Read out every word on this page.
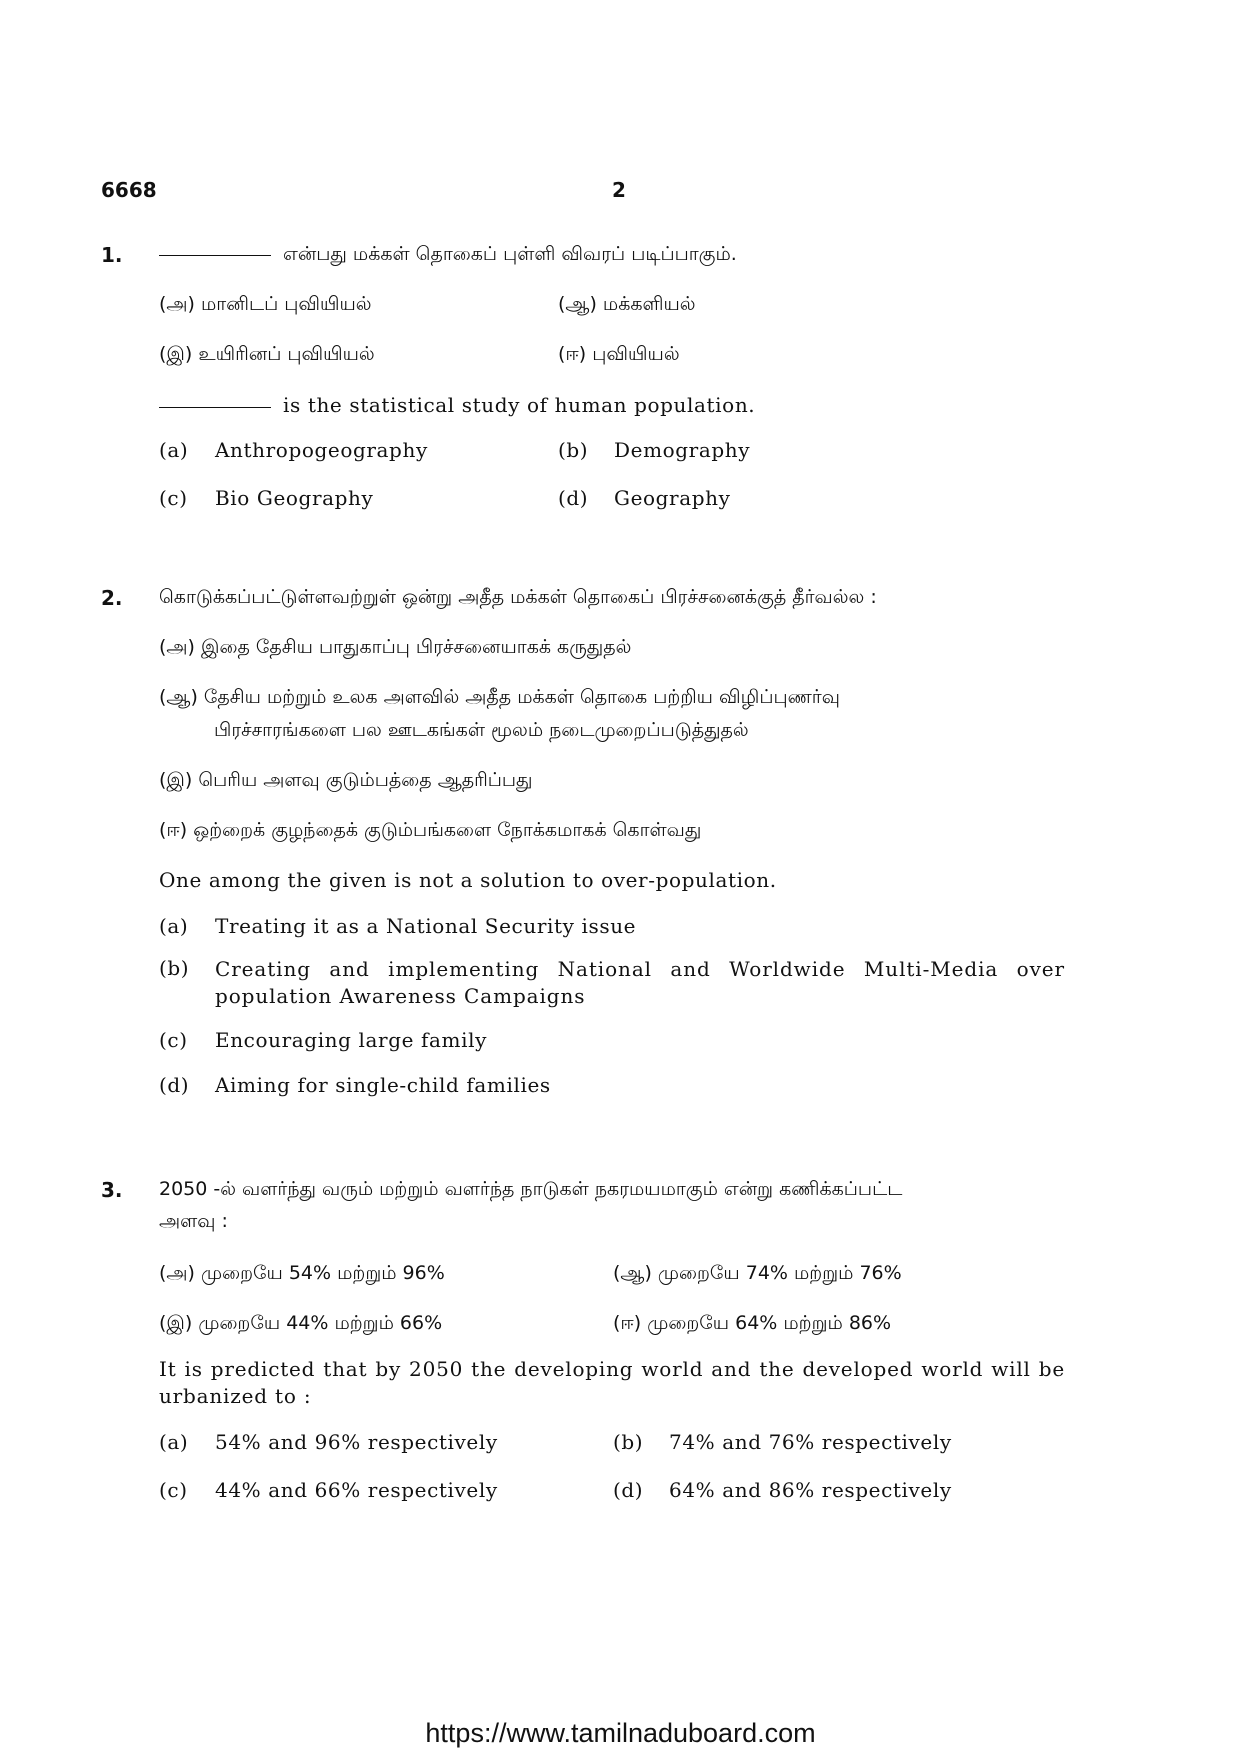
6668	2
1.	என்பது மக்கள் தொகைப் புள்ளி விவரப் படிப்பாகும்.
(அ) மானிடப் புவியியல்	(ஆ) மக்களியல்
(இ) உயிரினப் புவியியல்	(ஈ) புவியியல்
is the statistical study of human population.
(a) Anthropogeography	(b) Demography
(c) Bio Geography	(d) Geography
2. கொடுக்கப்பட்டுள்ளவற்றுள் ஒன்று அதீத மக்கள் தொகைப் பிரச்சனைக்குத் தீர்வல்ல :
(அ) இதை தேசிய பாதுகாப்பு பிரச்சனையாகக் கருதுதல்
(ஆ) தேசிய மற்றும் உலக அளவில் அதீத மக்கள் தொகை பற்றிய விழிப்புணர்வு
பிரச்சாரங்களை பல ஊடகங்கள் மூலம் நடைமுறைப்படுத்துதல்
(இ) பெரிய அளவு குடும்பத்தை ஆதரிப்பது
(ஈ) ஒற்றைக் குழந்தைக் குடும்பங்களை நோக்கமாகக் கொள்வது
One among the given is not a solution to over-population.
(a) Treating it as a National Security issue
(b)	Creating and implementing National and Worldwide Multi-Media over population Awareness Campaigns
(c) Encouraging large family
(d) Aiming for single-child families
3. 2050 -ல் வளர்ந்து வரும் மற்றும் வளர்ந்த நாடுகள் நகரமயமாகும் என்று கணிக்கப்பட்ட
அளவு :
(அ) முறையே 54% மற்றும் 96%	(ஆ) முறையே 74% மற்றும் 76%
(இ) முறையே 44% மற்றும் 66%	(ஈ) முறையே 64% மற்றும் 86%
It is predicted that by 2050 the developing world and the developed world will be urbanized to :
(a) 54% and 96% respectively	(b) 74% and 76% respectively
(c) 44% and 66% respectively	(d) 64% and 86% respectively
https://www.tamilnaduboard.com
